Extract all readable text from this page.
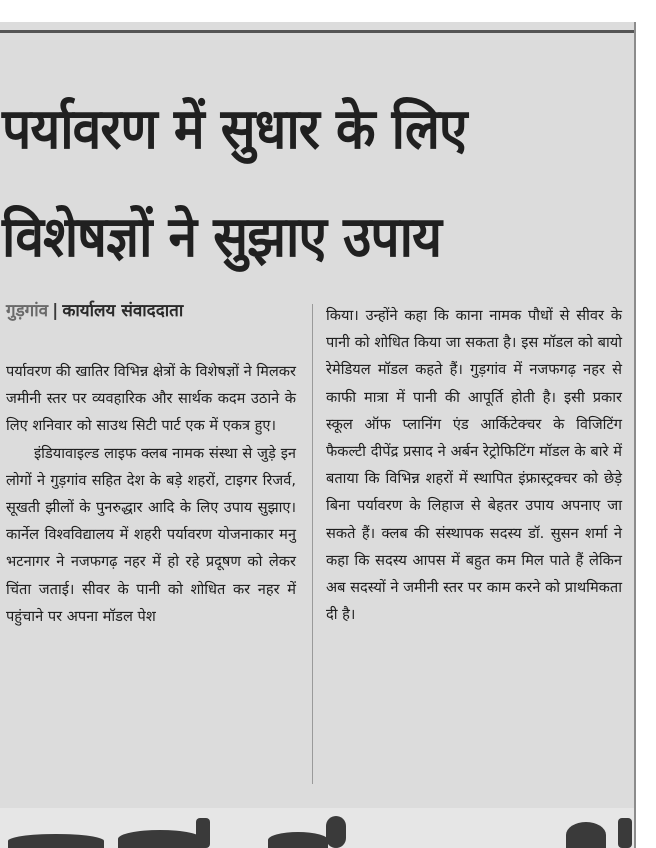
पर्यावरण में सुधार के लिए
विशेषज्ञों ने सुझाए उपाय
गुड़गांव | कार्यालय संवाददाता

पर्यावरण की खातिर विभिन्न क्षेत्रों के विशेषज्ञों ने मिलकर जमीनी स्तर पर व्यवहारिक और सार्थक कदम उठाने के लिए शनिवार को साउथ सिटी पार्ट एक में एकत्र हुए।

इंडियावाइल्ड लाइफ क्लब नामक संस्था से जुड़े इन लोगों ने गुड़गांव सहित देश के बड़े शहरों, टाइगर रिजर्व, सूखती झीलों के पुनरुद्धार आदि के लिए उपाय सुझाए। कार्नेल विश्वविद्यालय में शहरी पर्यावरण योजनाकार मनु भटनागर ने नजफगढ़ नहर में हो रहे प्रदूषण को लेकर चिंता जताई। सीवर के पानी को शोधित कर नहर में पहुंचाने पर अपना मॉडल पेश

किया। उन्होंने कहा कि काना नामक पौधों से सीवर के पानी को शोधित किया जा सकता है। इस मॉडल को बायो रेमेडियल मॉडल कहते हैं। गुड़गांव में नजफगढ़ नहर से काफी मात्रा में पानी की आपूर्ति होती है। इसी प्रकार स्कूल ऑफ प्लानिंग एंड आर्किटेक्चर के विजिटिंग फैकल्टी दीपेंद्र प्रसाद ने अर्बन रेट्रोफिटिंग मॉडल के बारे में बताया कि विभिन्न शहरों में स्थापित इंफ्रास्ट्रक्चर को छेड़े बिना पर्यावरण के लिहाज से बेहतर उपाय अपनाए जा सकते हैं। क्लब की संस्थापक सदस्य डॉ. सुसन शर्मा ने कहा कि सदस्य आपस में बहुत कम मिल पाते हैं लेकिन अब सदस्यों ने जमीनी स्तर पर काम करने को प्राथमिकता दी है।
